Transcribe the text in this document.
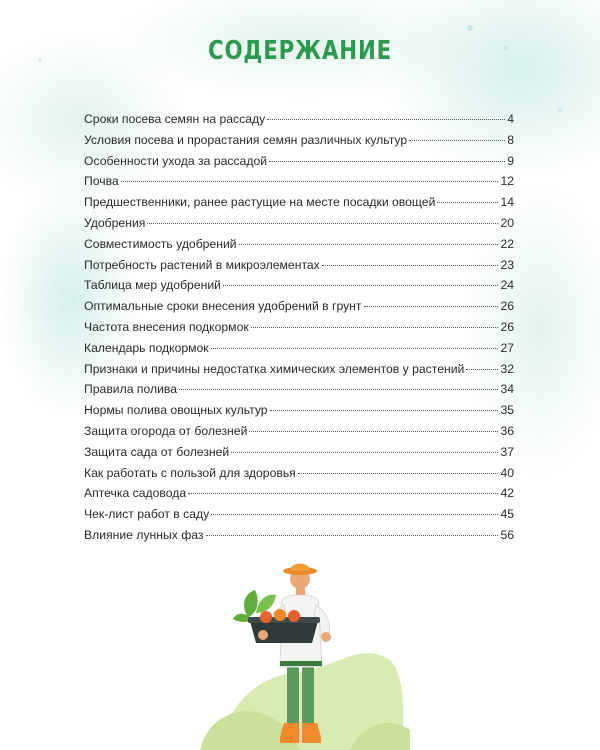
СОДЕРЖАНИЕ
Сроки посева семян на рассаду	4
Условия посева и прорастания семян различных культур	8
Особенности ухода за рассадой	9
Почва	12
Предшественники, ранее растущие на месте посадки овощей	14
Удобрения	20
Совместимость удобрений	22
Потребность растений в микроэлементах	23
Таблица мер удобрений	24
Оптимальные сроки внесения удобрений в грунт	26
Частота внесения подкормок	26
Календарь подкормок	27
Признаки и причины недостатка химических элементов у растений	32
Правила полива	34
Нормы полива овощных культур	35
Защита огорода от болезней	36
Защита сада от болезней	37
Как работать с пользой для здоровья	40
Аптечка садовода	42
Чек-лист работ в саду	45
Влияние лунных фаз	56
